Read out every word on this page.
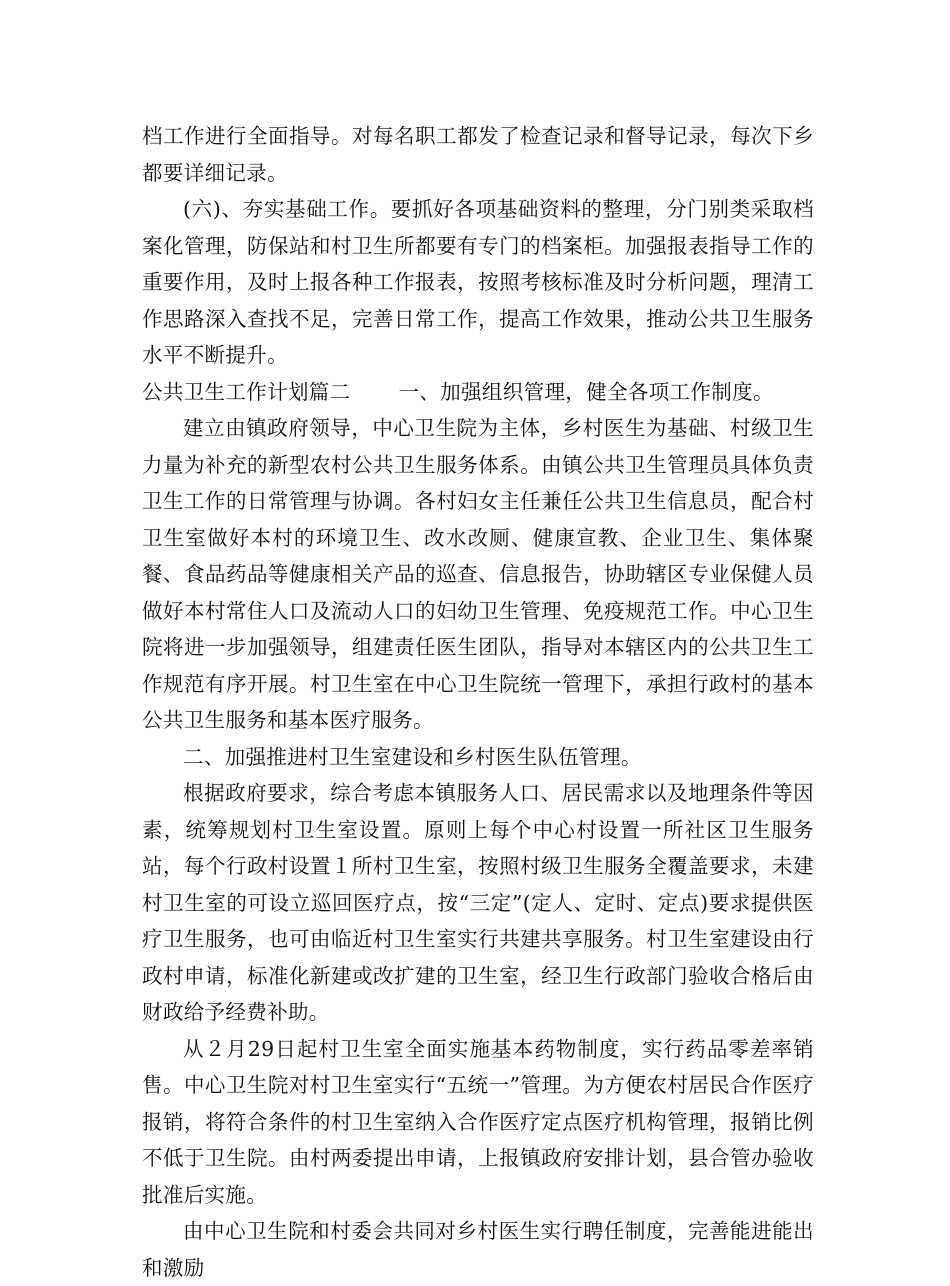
档工作进行全面指导。对每名职工都发了检查记录和督导记录，每次下乡都要详细记录。

(六)、夯实基础工作。要抓好各项基础资料的整理，分门别类采取档案化管理，防保站和村卫生所都要有专门的档案柜。加强报表指导工作的重要作用，及时上报各种工作报表，按照考核标准及时分析问题，理清工作思路深入查找不足，完善日常工作，提高工作效果，推动公共卫生服务水平不断提升。

公共卫生工作计划篇二 一、加强组织管理，健全各项工作制度。

建立由镇政府领导，中心卫生院为主体，乡村医生为基础、村级卫生力量为补充的新型农村公共卫生服务体系。由镇公共卫生管理员具体负责卫生工作的日常管理与协调。各村妇女主任兼任公共卫生信息员，配合村卫生室做好本村的环境卫生、改水改厕、健康宣教、企业卫生、集体聚餐、食品药品等健康相关产品的巡查、信息报告，协助辖区专业保健人员做好本村常住人口及流动人口的妇幼卫生管理、免疫规范工作。中心卫生院将进一步加强领导，组建责任医生团队，指导对本辖区内的公共卫生工作规范有序开展。村卫生室在中心卫生院统一管理下，承担行政村的基本公共卫生服务和基本医疗服务。

二、加强推进村卫生室建设和乡村医生队伍管理。

根据政府要求，综合考虑本镇服务人口、居民需求以及地理条件等因素，统筹规划村卫生室设置。原则上每个中心村设置一所社区卫生服务站，每个行政村设置１所村卫生室，按照村级卫生服务全覆盖要求，未建村卫生室的可设立巡回医疗点，按“三定”(定人、定时、定点)要求提供医疗卫生服务，也可由临近村卫生室实行共建共享服务。村卫生室建设由行政村申请，标准化新建或改扩建的卫生室，经卫生行政部门验收合格后由财政给予经费补助。

从２月29日起村卫生室全面实施基本药物制度，实行药品零差率销售。中心卫生院对村卫生室实行“五统一”管理。为方便农村居民合作医疗报销，将符合条件的村卫生室纳入合作医疗定点医疗机构管理，报销比例不低于卫生院。由村两委提出申请，上报镇政府安排计划，县合管办验收批准后实施。

由中心卫生院和村委会共同对乡村医生实行聘任制度，完善能进能出和激励
